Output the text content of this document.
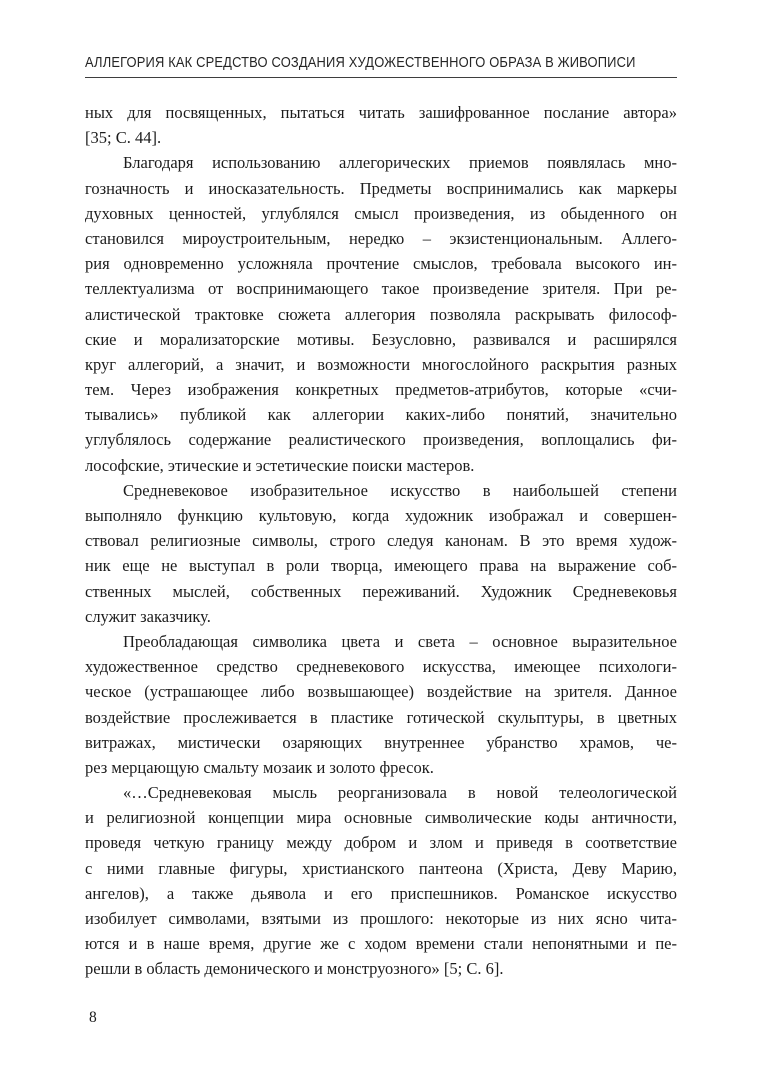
АЛЛЕГОРИЯ КАК СРЕДСТВО СОЗДАНИЯ ХУДОЖЕСТВЕННОГО ОБРАЗА В ЖИВОПИСИ
ных для посвященных, пытаться читать зашифрованное послание автора»
[35; С. 44].
Благодаря использованию аллегорических приемов появлялась мно-
гозначность и иносказательность. Предметы воспринимались как маркеры
духовных ценностей, углублялся смысл произведения, из обыденного он
становился мироустроительным, нередко – экзистенциональным. Аллего-
рия одновременно усложняла прочтение смыслов, требовала высокого ин-
теллектуализма от воспринимающего такое произведение зрителя. При ре-
алистической трактовке сюжета аллегория позволяла раскрывать философ-
ские и морализаторские мотивы. Безусловно, развивался и расширялся
круг аллегорий, а значит, и возможности многослойного раскрытия разных
тем. Через изображения конкретных предметов-атрибутов, которые «счи-
тывались» публикой как аллегории каких-либо понятий, значительно
углублялось содержание реалистического произведения, воплощались фи-
лософские, этические и эстетические поиски мастеров.
Средневековое изобразительное искусство в наибольшей степени
выполняло функцию культовую, когда художник изображал и совершен-
ствовал религиозные символы, строго следуя канонам. В это время худож-
ник еще не выступал в роли творца, имеющего права на выражение соб-
ственных мыслей, собственных переживаний. Художник Средневековья
служит заказчику.
Преобладающая символика цвета и света – основное выразительное
художественное средство средневекового искусства, имеющее психологи-
ческое (устрашающее либо возвышающее) воздействие на зрителя. Данное
воздействие прослеживается в пластике готической скульптуры, в цветных
витражах, мистически озаряющих внутреннее убранство храмов, че-
рез мерцающую смальту мозаик и золото фресок.
«…Средневековая мысль реорганизовала в новой телеологической
и религиозной концепции мира основные символические коды античности,
проведя четкую границу между добром и злом и приведя в соответствие
с ними главные фигуры, христианского пантеона (Христа, Деву Марию,
ангелов), а также дьявола и его приспешников. Романское искусство
изобилует символами, взятыми из прошлого: некоторые из них ясно чита-
ются и в наше время, другие же с ходом времени стали непонятными и пе-
решли в область демонического и монструозного» [5; С. 6].
8
